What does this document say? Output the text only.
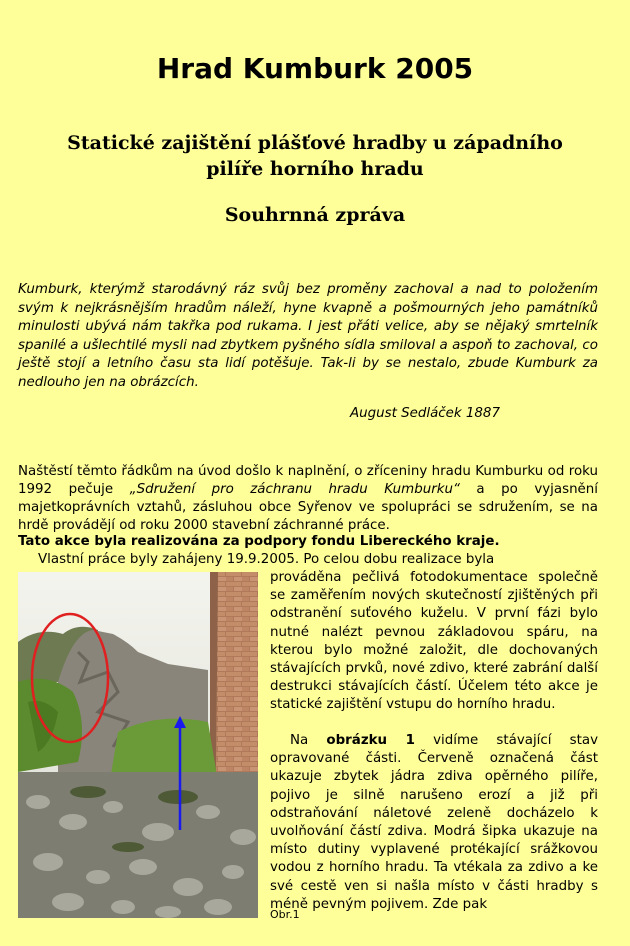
Hrad Kumburk 2005
Statické zajištění plášťové hradby u západního
pilíře horního hradu
Souhrnná zpráva
Kumburk, kterýmž starodávný ráz svůj bez proměny zachoval a nad to položením svým k nejkrásnějším hradům náleží, hyne kvapně a pošmourných jeho památníků minulosti ubývá nám takřka pod rukama. I jest přáti velice, aby se nějaký smrtelník spanilé a ušlechtilé mysli nad zbytkem pyšného sídla smiloval a aspoň to zachoval, co ještě stojí a letního času sta lidí potěšuje. Tak-li by se nestalo, zbude Kumburk za nedlouho jen na obrázcích.
August Sedláček 1887
Naštěstí těmto řádkům na úvod došlo k naplnění, o zříceniny hradu Kumburku od roku 1992 pečuje „Sdružení pro záchranu hradu Kumburku“ a po vyjasnění majetkoprávních vztahů, zásluhou obce Syřenov ve spolupráci se sdružením, se na hrdě provádějí od roku 2000 stavební záchranné práce.
Tato akce byla realizována za podpory fondu Libereckého kraje.
Vlastní práce byly zahájeny 19.9.2005. Po celou dobu realizace byla
prováděna pečlivá fotodokumentace společně se zaměřením nových skutečností zjištěných při odstranění suťového kuželu. V první fázi bylo nutné nalézt pevnou základovou spáru, na kterou bylo možné založit, dle dochovaných stávajících prvků, nové zdivo, které zabrání další destrukci stávajících částí. Účelem této akce je statické zajištění vstupu do horního hradu.
Na obrázku 1 vidíme stávající stav opravované části. Červeně označená část ukazuje zbytek jádra zdiva opěrného pilíře, pojivo je silně narušeno erozí a již při odstraňování náletové zeleně docházelo k uvolňování částí zdiva. Modrá šipka ukazuje na místo dutiny vyplavené protékající srážkovou vodou z horního hradu. Ta vtékala za zdivo a ke své cestě ven si našla místo v části hradby s méně pevným pojivem. Zde pak
Obr.1
